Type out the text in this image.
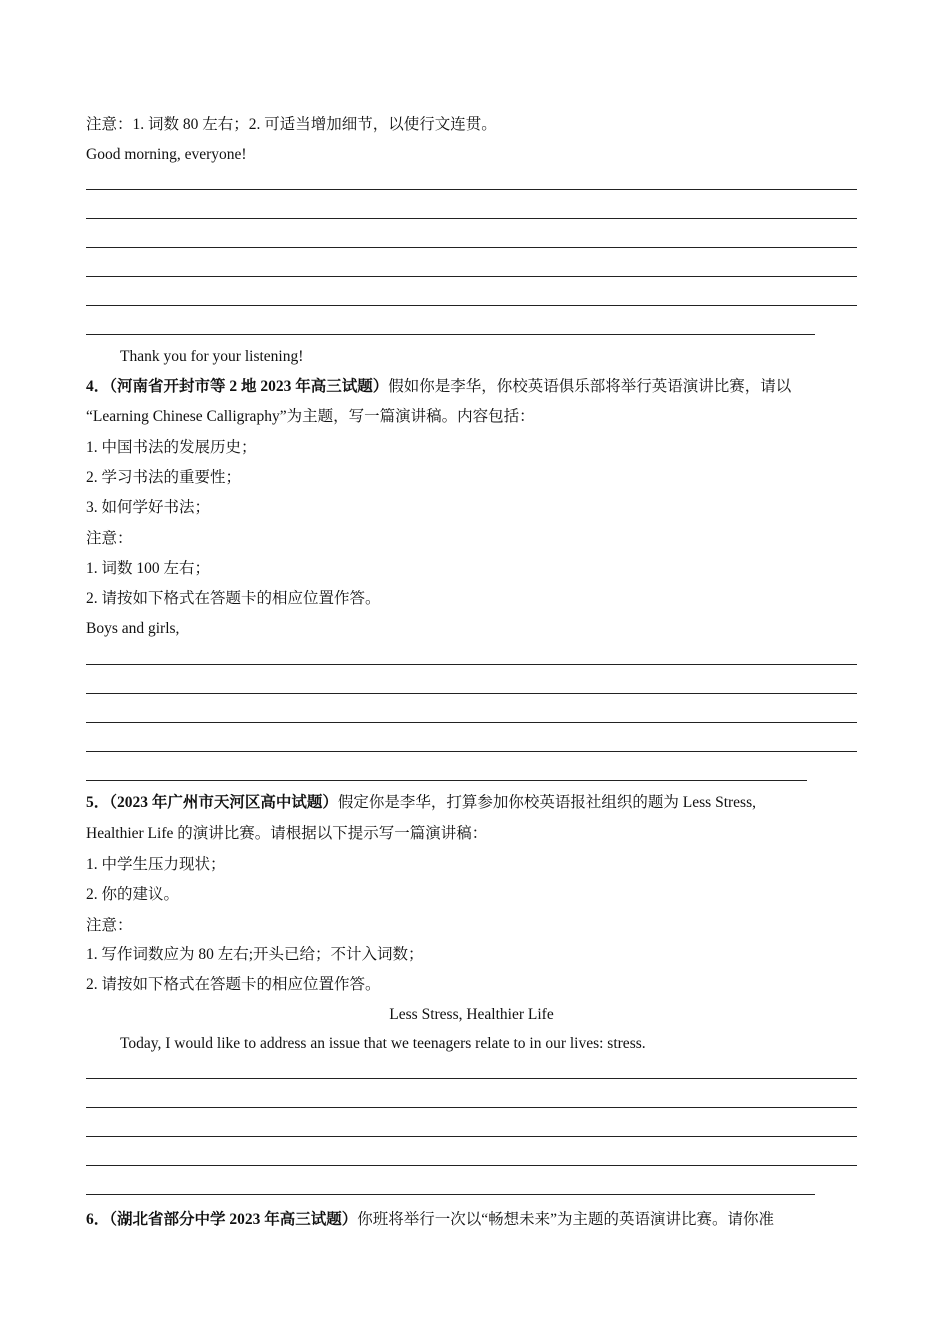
注意：1. 词数 80 左右；2. 可适当增加细节，以使行文连贯。
Good morning, everyone!
Thank you for your listening!
4．（河南省开封市等 2 地 2023 年高三试题）假如你是李华，你校英语俱乐部将举行英语演讲比赛，请以
“Learning Chinese Calligraphy”为主题，写一篇演讲稿。内容包括：
1. 中国书法的发展历史；
2. 学习书法的重要性；
3. 如何学好书法；
注意：
1. 词数 100 左右；
2. 请按如下格式在答题卡的相应位置作答。
Boys and girls,
5．（2023 年广州市天河区高中试题）假定你是李华，打算参加你校英语报社组织的题为 Less Stress,
Healthier Life 的演讲比赛。请根据以下提示写一篇演讲稿：
1. 中学生压力现状；
2. 你的建议。
注意：
1. 写作词数应为 80 左右;开头已给；不计入词数；
2. 请按如下格式在答题卡的相应位置作答。
Less Stress, Healthier Life
Today, I would like to address an issue that we teenagers relate to in our lives: stress.
6．（湖北省部分中学 2023 年高三试题）你班将举行一次以“畅想未来”为主题的英语演讲比赛。请你准
